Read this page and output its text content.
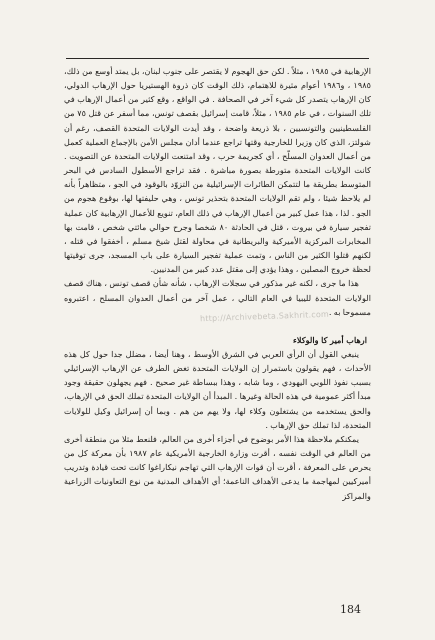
الإرهابية في ١٩٨٥ ، مثلاً . لكن حق الهجوم لا يقتصر على جنوب لبنان، بل يمتد أوسع من ذلك، ١٩٨٥ ، و١٩٨٦ أعوام مثيرة للاهتمام، ذلك الوقت كان ذروة الهستيريا حول الإرهاب الدولي، كان الإرهاب يتصدر كل شيء آخر في الصحافة . في الواقع ، وقع كثير من أعمال الإرهاب في تلك السنوات ، في عام ١٩٨٥ ، مثلاً، قامت إسرائيل بقصف تونس، مما أسفر عن قتل ٧٥ من الفلسطينيين والتونسيين ، بلا ذريعة واضحة ، وقد أيدت الولايات المتحدة القصف، رغم أن شولتز، الذي كان وزيرا للخارجية وقتها تراجع عندما أدان مجلس الأمن بالإجماع العملية كعمل من أعمال العدوان المسلّح ، أي كجريمة حرب ، وقد امتنعت الولايات المتحدة عن التصويت . كانت الولايات المتحدة متورطة بصورة مباشرة . فقد تراجع الأسطول السادس في البحر المتوسط بطريقة ما لتتمكن الطائرات الإسرائيلية من التزوّد بالوقود في الجو ، متظاهراً بأنه لم يلاحظ شيئا ، ولم تقم الولايات المتحدة بتحذير تونس ، وهي حليفتها لها، بوقوع هجوم من الجو . لذا ، هذا عمل كبير من أعمال الإرهاب في ذلك العام، تنويع للأعمال الإرهابية كان عملية تفجير سيارة في بيروت ، قتل في الحادثة ٨٠ شخصا وجرح حوالي مائتي شخص ، قامت بها المخابرات المركزية الأميركية والبريطانية في محاولة لقتل شيخ مسلم ، أخفقوا في قتله ، لكنهم قتلوا الكثير من الناس ، وتمت عملية تفجير السيارة على باب المسجد، جرى توقيتها لحظة خروج المصلين ، وهذا يؤدي إلى مقتل عدد كبير من المدنيين.

هذا ما جرى ، لكنه غير مذكور في سجلات الإرهاب ، شأنه شأن قصف تونس ، هناك قصف الولايات المتحدة لليبيا في العام التالي ، عمل آخر من أعمال العدوان المسلح ، اعتبروه مسموحا به .

ارهاب أمير كا والوكلاء

ينبغي القول أن الرأي العربي في الشرق الأوسط ، وهنا أيضا ، مضلل جدا حول كل هذه الأحداث ، فهم يقولون باستمرار إن الولايات المتحدة تغض الطرف عن الإرهاب الإسرائيلي بسبب نفوذ اللوبي اليهودي ، وما شابه ، وهذا ببساطة غير صحيح . فهم يجهلون حقيقة وجود مبدأ أكثر عمومية في هذه الحالة وغيرها . المبدأ أن الولايات المتحدة تملك الحق في الإرهاب، والحق يستخدمه من يشتغلون وكلاء لها، ولا يهم من هم . وبما أن إسرائيل وكيل للولايات المتحدة، لذا تملك حق الإرهاب .

يمكنكم ملاحظة هذا الأمر بوضوح في أجزاء أخرى من العالم، فلنعط مثلا من منطقة أخرى من العالم في الوقت نفسه ، أقرت وزارة الخارجية الأمريكية عام ١٩٨٧ بأن معركة كل من يحرص على المعرفة ، أقرت أن قوات الإرهاب التي تهاجم نيكاراغوا كانت تحت قيادة وتدريب أميركيين لمهاجمة ما يدعى الأهداف الناعمة؛ أي الأهداف المدنية من نوع التعاونيات الزراعية والمراكز

http://Archivebeta.Sakhrit.com
184
